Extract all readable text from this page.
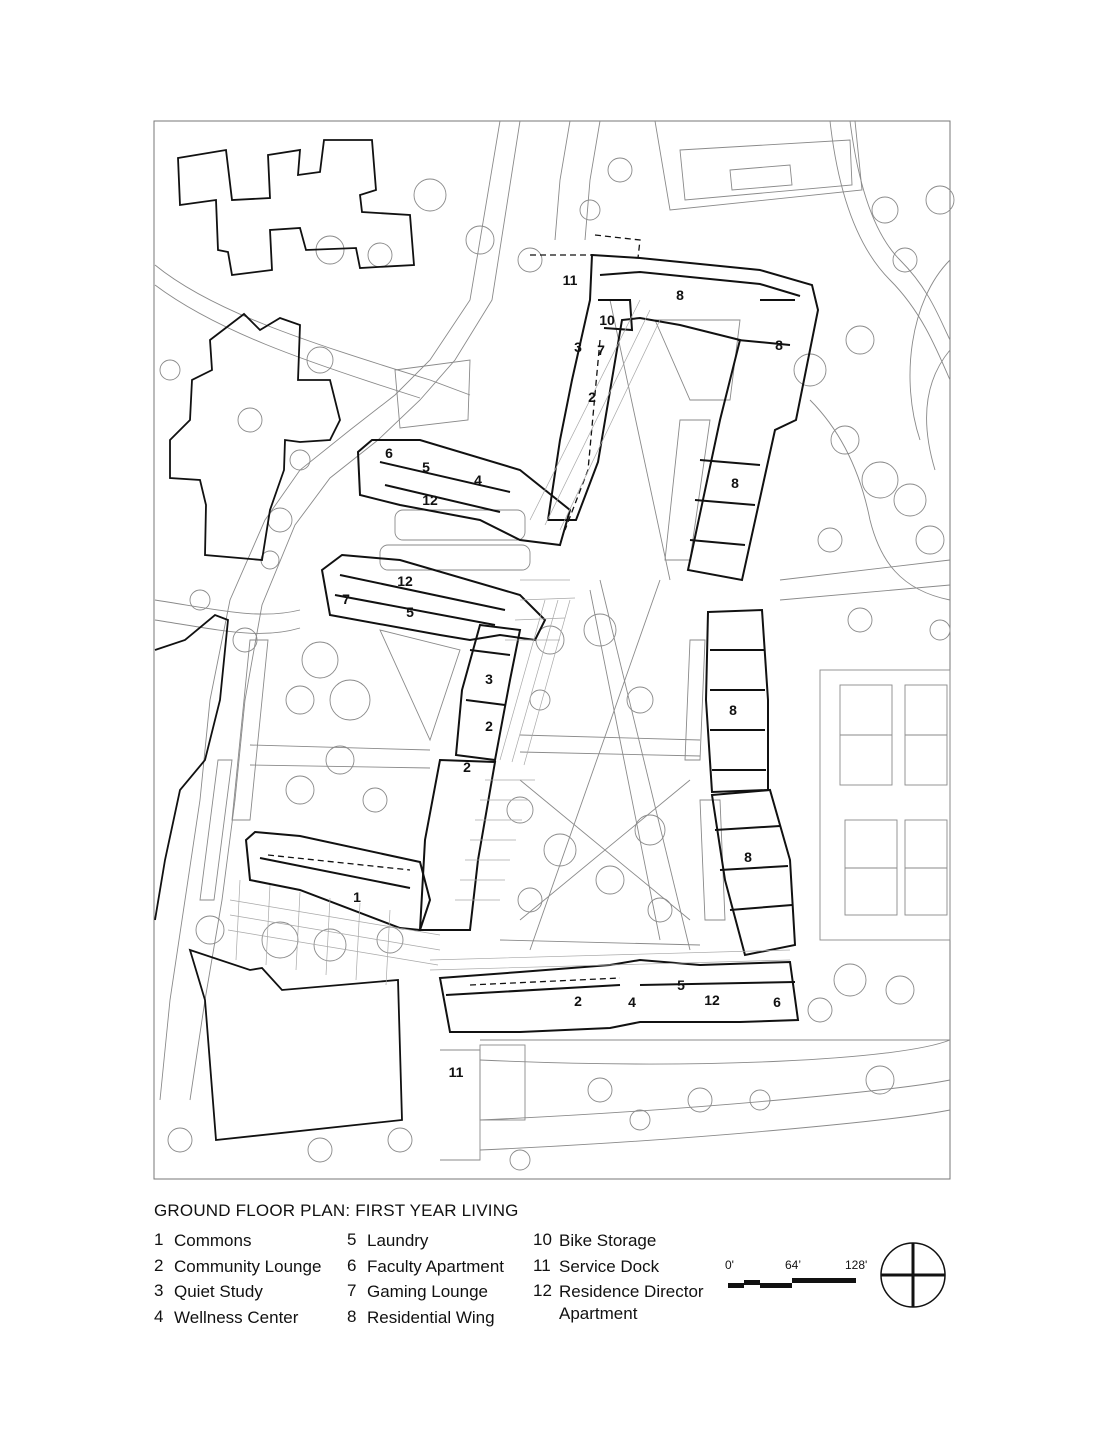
11
8
10
3 7	8
2
6
5
4
12
8
12
7
5
3
8
2
2
8
1
2	4
5
12	6
11
GROUND FLOOR PLAN: FIRST YEAR LIVING
1 Commons
2 Community Lounge
3 Quiet Study
4 Wellness Center
5 Laundry
6 Faculty Apartment
7 Gaming Lounge
8 Residential Wing
10 Bike Storage
11 Service Dock
12 Residence Director Apartment
0'	64’	128'
